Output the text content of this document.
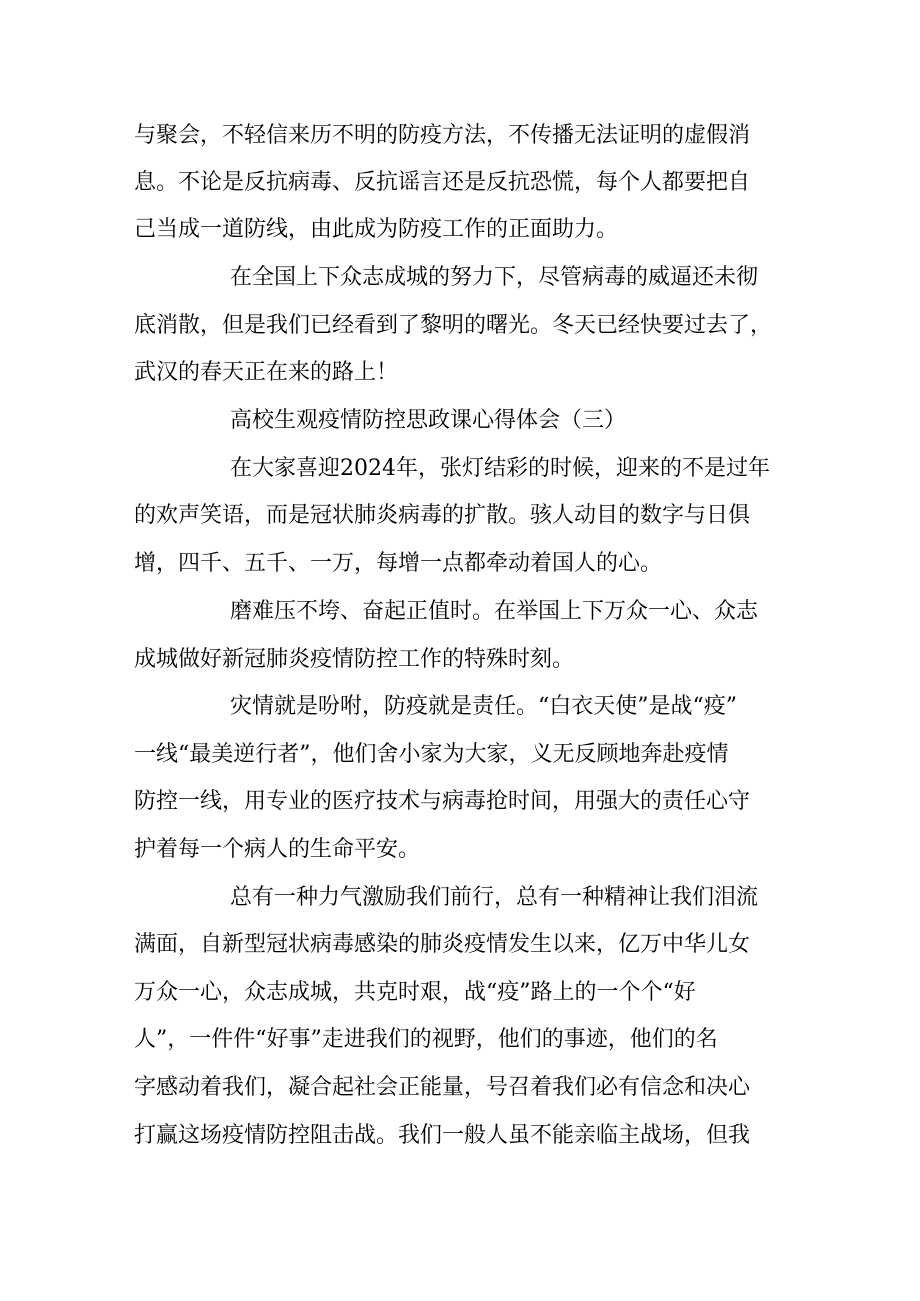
与聚会，不轻信来历不明的防疫方法，不传播无法证明的虚假消
息。不论是反抗病毒、反抗谣言还是反抗恐慌，每个人都要把自
己当成一道防线，由此成为防疫工作的正面助力。
在全国上下众志成城的努力下，尽管病毒的威逼还未彻
底消散，但是我们已经看到了黎明的曙光。冬天已经快要过去了，
武汉的春天正在来的路上！
高校生观疫情防控思政课心得体会（三）
在大家喜迎2024年，张灯结彩的时候，迎来的不是过年
的欢声笑语，而是冠状肺炎病毒的扩散。骇人动目的数字与日俱
增，四千、五千、一万，每增一点都牵动着国人的心。
磨难压不垮、奋起正值时。在举国上下万众一心、众志
成城做好新冠肺炎疫情防控工作的特殊时刻。
灾情就是吩咐，防疫就是责任。“白衣天使”是战“疫”
一线“最美逆行者”，他们舍小家为大家，义无反顾地奔赴疫情
防控一线，用专业的医疗技术与病毒抢时间，用强大的责任心守
护着每一个病人的生命平安。
总有一种力气激励我们前行，总有一种精神让我们泪流
满面，自新型冠状病毒感染的肺炎疫情发生以来，亿万中华儿女
万众一心，众志成城，共克时艰，战“疫”路上的一个个“好
人”，一件件“好事”走进我们的视野，他们的事迹，他们的名
字感动着我们，凝合起社会正能量，号召着我们必有信念和决心
打赢这场疫情防控阻击战。我们一般人虽不能亲临主战场，但我
